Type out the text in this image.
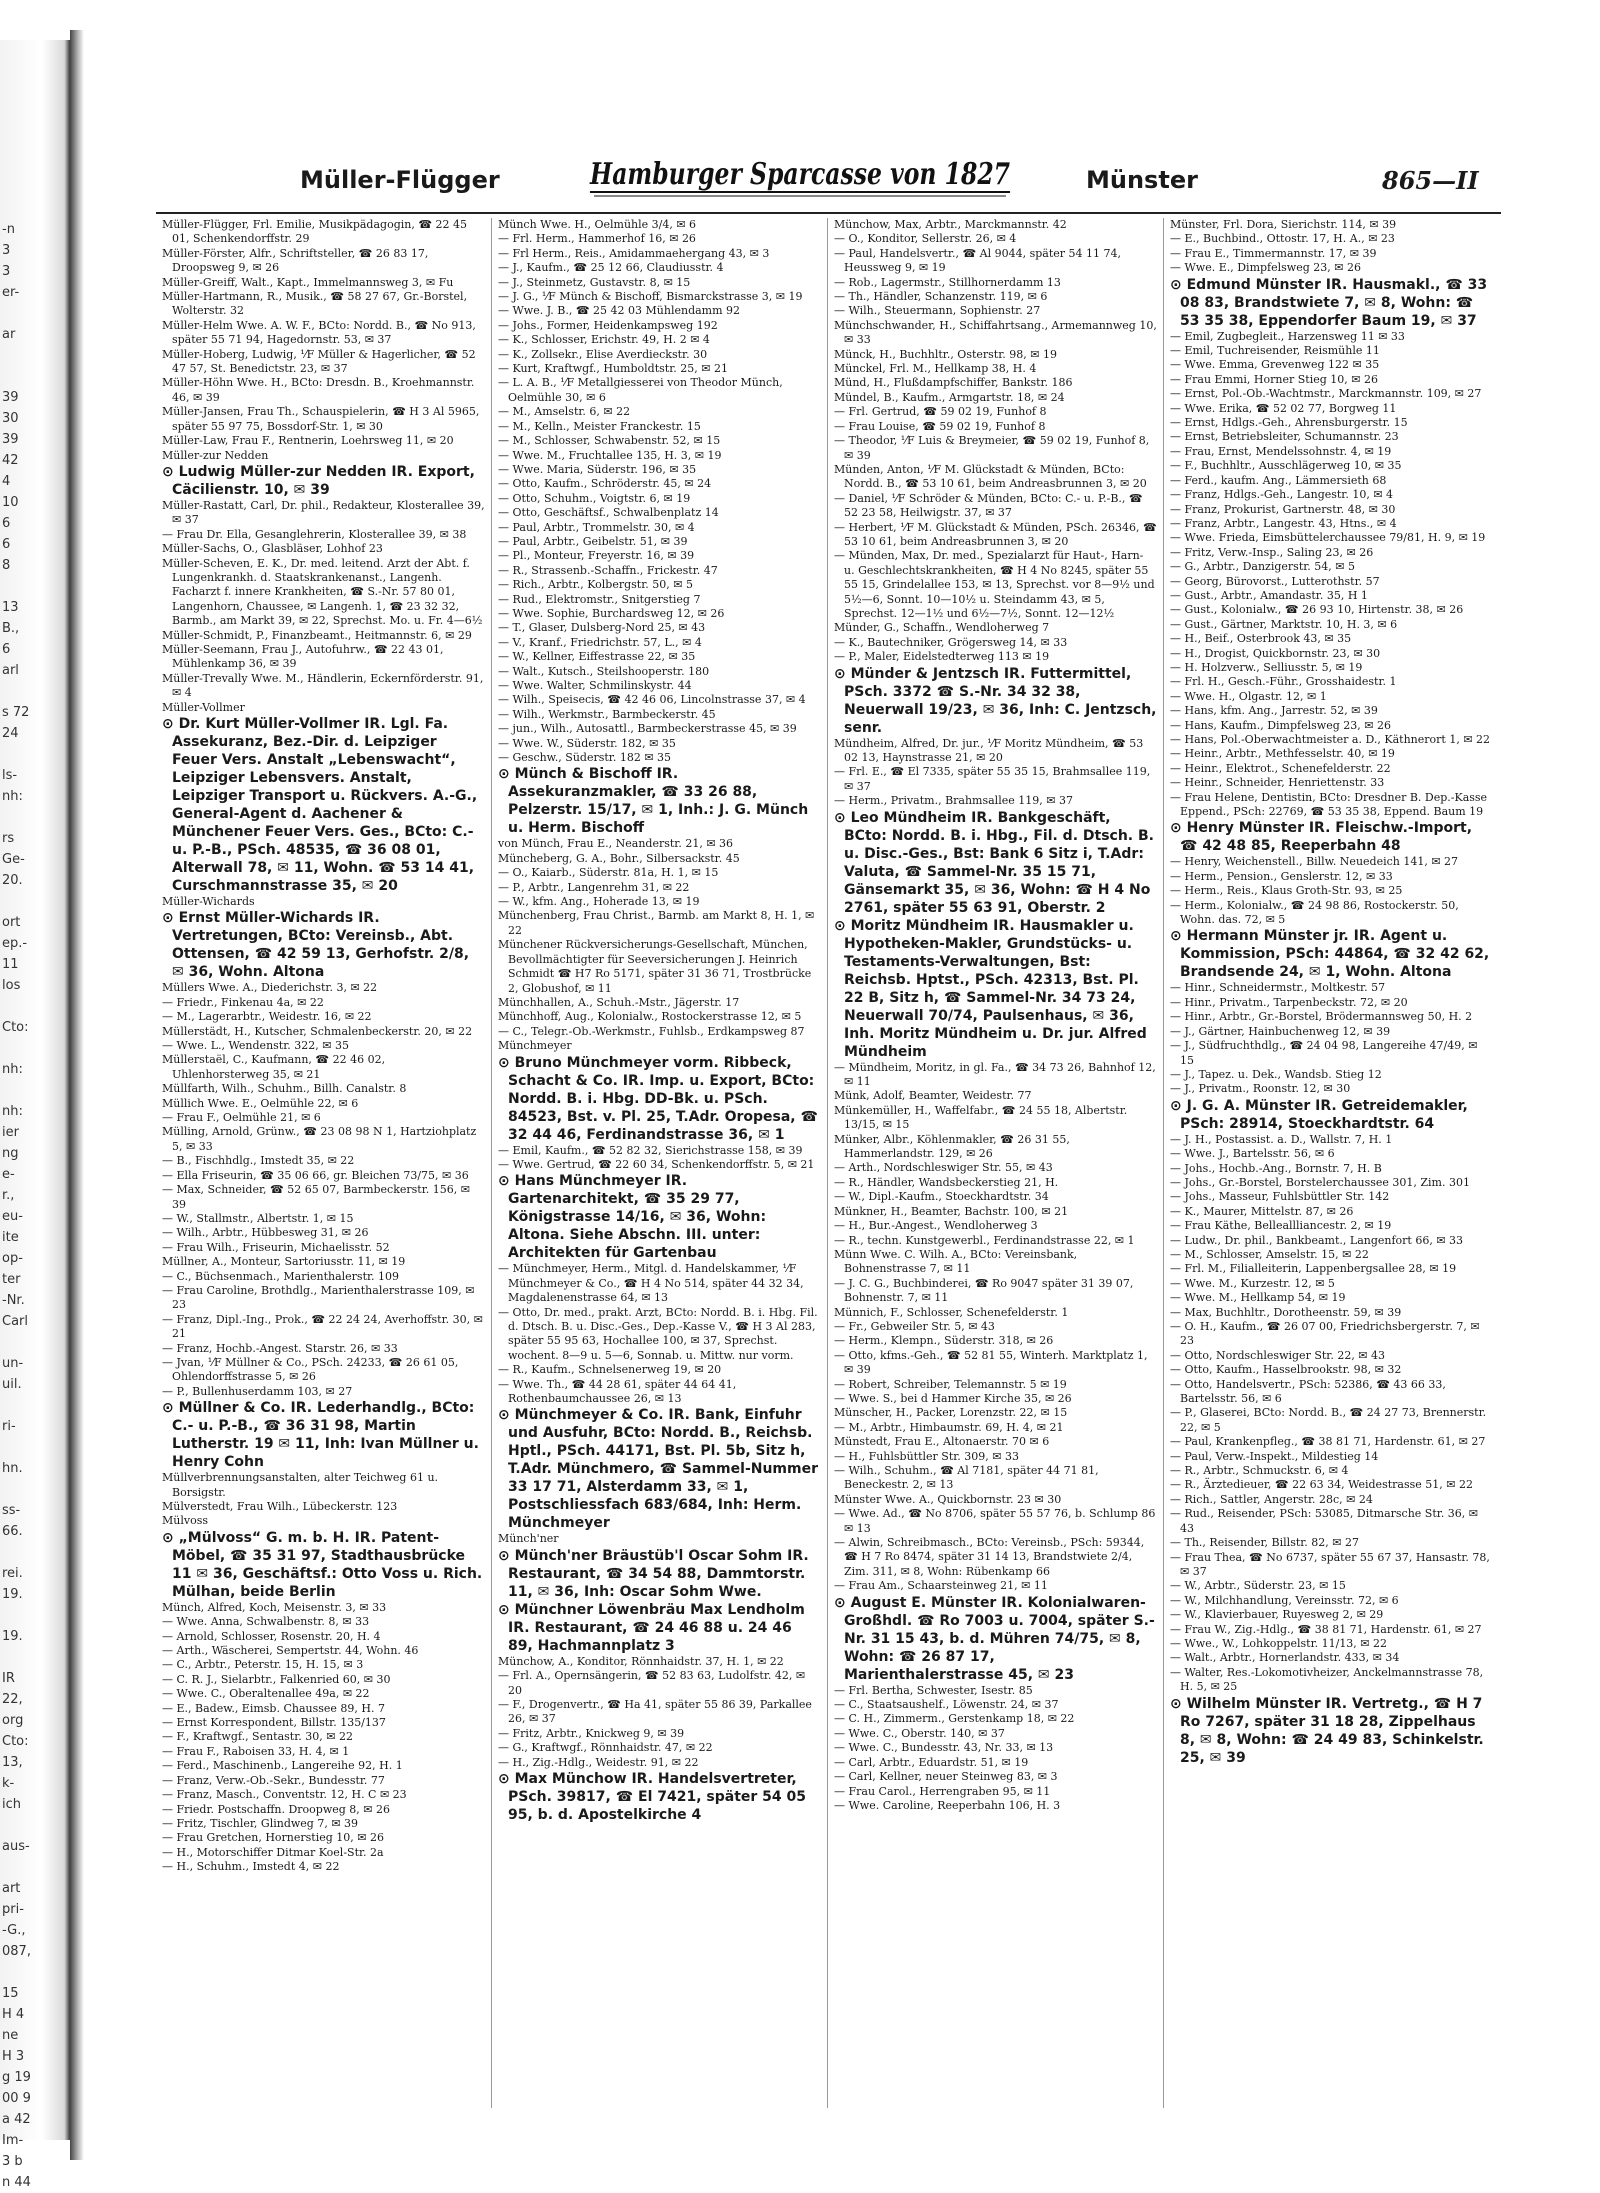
-n
3
3
er-
ar
39
30
39
42
4
10
6
6
8
13
B.,
6
arl
s 72
24
ls-
nh:
rs
Ge-
20.
ort
ep.-
11
los
Cto:
nh:
nh:
ier
ng
e-
r.,
eu-
ite
op-
ter
-Nr.
Carl
un-
uil.
ri-
hn.
ss-
66.
rei.
19.
19.
IR
22,
org
Cto:
13,
k-
ich
aus-
art
pri-
-G.,
087,
15
H 4
ne
H 3
g 19
00 9
a 42
Im-
3 b
n 44
Müller-Flügger	Hamburger Sparcasse von 1827	Münster	865—II

Müller-Flügger, Frl. Emilie, Musikpädagogin, ☎ 22 45 01, Schenkendorffstr. 29

Müller-Förster, Alfr., Schriftsteller, ☎ 26 83 17, Droopsweg 9, ✉ 26

Müller-Greiff, Walt., Kapt., Immelmannsweg 3, ✉ Fu

Müller-Hartmann, R., Musik., ☎ 58 27 67, Gr.-Borstel, Wolterstr. 32

Müller-Helm Wwe. A. W. F., BCto: Nordd. B., ☎ No 913, später 55 71 94, Hagedornstr. 53, ✉ 37

Müller-Hoberg, Ludwig, ⅟F Müller & Hagerlicher, ☎ 52 47 57, St. Benedictstr. 23, ✉ 37

Müller-Höhn Wwe. H., BCto: Dresdn. B., Kroehmannstr. 46, ✉ 39

Müller-Jansen, Frau Th., Schauspielerin, ☎ H 3 Al 5965, später 55 97 75, Bossdorf-Str. 1, ✉ 30

Müller-Law, Frau F., Rentnerin, Loehrsweg 11, ✉ 20

Müller-zur Nedden

⊙ Ludwig Müller-zur Nedden IR. Export, Cäcilienstr. 10, ✉ 39

Müller-Rastatt, Carl, Dr. phil., Redakteur, Klosterallee 39, ✉ 37

— Frau Dr. Ella, Gesanglehrerin, Klosterallee 39, ✉ 38

Müller-Sachs, O., Glasbläser, Lohhof 23

Müller-Scheven, E. K., Dr. med. leitend. Arzt der Abt. f. Lungenkrankh. d. Staatskrankenanst., Langenh. Facharzt f. innere Krankheiten, ☎ S.-Nr. 57 80 01, Langenhorn, Chaussee, ✉ Langenh. 1, ☎ 23 32 32, Barmb., am Markt 39, ✉ 22, Sprechst. Mo. u. Fr. 4—6½

Müller-Schmidt, P., Finanzbeamt., Heitmannstr. 6, ✉ 29

Müller-Seemann, Frau J., Autofuhrw., ☎ 22 43 01, Mühlenkamp 36, ✉ 39

Müller-Trevally Wwe. M., Händlerin, Eckernförderstr. 91, ✉ 4

Müller-Vollmer

⊙ Dr. Kurt Müller-Vollmer IR. Lgl. Fa. Assekuranz, Bez.-Dir. d. Leipziger Feuer Vers. Anstalt „Lebenswacht“, Leipziger Lebensvers. Anstalt, Leipziger Transport u. Rückvers. A.-G., General-Agent d. Aachener & Münchener Feuer Vers. Ges., BCto: C.- u. P.-B., PSch. 48535, ☎ 36 08 01, Alterwall 78, ✉ 11, Wohn. ☎ 53 14 41, Curschmannstrasse 35, ✉ 20

Müller-Wichards

⊙ Ernst Müller-Wichards IR. Vertretungen, BCto: Vereinsb., Abt. Ottensen, ☎ 42 59 13, Gerhofstr. 2/8, ✉ 36, Wohn. Altona

Müllers Wwe. A., Diederichstr. 3, ✉ 22

— Friedr., Finkenau 4a, ✉ 22

— M., Lagerarbtr., Weidestr. 16, ✉ 22

Müllerstädt, H., Kutscher, Schmalenbeckerstr. 20, ✉ 22

— Wwe. L., Wendenstr. 322, ✉ 35

Müllerstaël, C., Kaufmann, ☎ 22 46 02, Uhlenhorsterweg 35, ✉ 21

Müllfarth, Wilh., Schuhm., Billh. Canalstr. 8

Müllich Wwe. E., Oelmühle 22, ✉ 6

— Frau F., Oelmühle 21, ✉ 6

Mülling, Arnold, Grünw., ☎ 23 08 98 N 1, Hartziohplatz 5, ✉ 33

— B., Fischhdlg., Imstedt 35, ✉ 22

— Ella Friseurin, ☎ 35 06 66, gr. Bleichen 73/75, ✉ 36

— Max, Schneider, ☎ 52 65 07, Barmbeckerstr. 156, ✉ 39

— W., Stallmstr., Albertstr. 1, ✉ 15

— Wilh., Arbtr., Hübbesweg 31, ✉ 26

— Frau Wilh., Friseurin, Michaelisstr. 52

Müllner, A., Monteur, Sartoriusstr. 11, ✉ 19

— C., Büchsenmach., Marienthalerstr. 109

— Frau Caroline, Brothdlg., Marienthalerstrasse 109, ✉ 23

— Franz, Dipl.-Ing., Prok., ☎ 22 24 24, Averhoffstr. 30, ✉ 21

— Franz, Hochb.-Angest. Starstr. 26, ✉ 33

— Jvan, ⅟F Müllner & Co., PSch. 24233, ☎ 26 61 05, Ohlendorffstrasse 5, ✉ 26

— P., Bullenhuserdamm 103, ✉ 27

⊙ Müllner & Co. IR. Lederhandlg., BCto: C.- u. P.-B., ☎ 36 31 98, Martin Lutherstr. 19 ✉ 11, Inh: Ivan Müllner u. Henry Cohn

Müllverbrennungsanstalten, alter Teichweg 61 u. Borsigstr.

Mülverstedt, Frau Wilh., Lübeckerstr. 123

Mülvoss

⊙ „Mülvoss“ G. m. b. H. IR. Patent-Möbel, ☎ 35 31 97, Stadthausbrücke 11 ✉ 36, Geschäftsf.: Otto Voss u. Rich. Mülhan, beide Berlin

Münch, Alfred, Koch, Meisenstr. 3, ✉ 33

— Wwe. Anna, Schwalbenstr. 8, ✉ 33

— Arnold, Schlosser, Rosenstr. 20, H. 4

— Arth., Wäscherei, Sempertstr. 44, Wohn. 46

— C., Arbtr., Peterstr. 15, H. 15, ✉ 3

— C. R. J., Sielarbtr., Falkenried 60, ✉ 30

— Wwe. C., Oberaltenallee 49a, ✉ 22

— E., Badew., Eimsb. Chaussee 89, H. 7

— Ernst Korrespondent, Billstr. 135/137

— F., Kraftwgf., Sentastr. 30, ✉ 22

— Frau F., Raboisen 33, H. 4, ✉ 1

— Ferd., Maschinenb., Langereihe 92, H. 1

— Franz, Verw.-Ob.-Sekr., Bundesstr. 77

— Franz, Masch., Conventstr. 12, H. C ✉ 23

— Friedr. Postschaffn. Droopweg 8, ✉ 26

— Fritz, Tischler, Glindweg 7, ✉ 39

— Frau Gretchen, Hornerstieg 10, ✉ 26

— H., Motorschiffer Ditmar Koel-Str. 2a

— H., Schuhm., Imstedt 4, ✉ 22

Münch Wwe. H., Oelmühle 3/4, ✉ 6

— Frl. Herm., Hammerhof 16, ✉ 26

— Frl Herm., Reis., Amidammaehergang 43, ✉ 3

— J., Kaufm., ☎ 25 12 66, Claudiusstr. 4

— J., Steinmetz, Gustavstr. 8, ✉ 15

— J. G., ⅟F Münch & Bischoff, Bismarckstrasse 3, ✉ 19

— Wwe. J. B., ☎ 25 42 03 Mühlendamm 92

— Johs., Former, Heidenkampsweg 192

— K., Schlosser, Erichstr. 49, H. 2 ✉ 4

— K., Zollsekr., Elise Averdieckstr. 30

— Kurt, Kraftwgf., Humboldtstr. 25, ✉ 21

— L. A. B., ⅟F Metallgiesserei von Theodor Münch, Oelmühle 30, ✉ 6

— M., Amselstr. 6, ✉ 22

— M., Kelln., Meister Franckestr. 15

— M., Schlosser, Schwabenstr. 52, ✉ 15

— Wwe. M., Fruchtallee 135, H. 3, ✉ 19

— Wwe. Maria, Süderstr. 196, ✉ 35

— Otto, Kaufm., Schröderstr. 45, ✉ 24

— Otto, Schuhm., Voigtstr. 6, ✉ 19

— Otto, Geschäftsf., Schwalbenplatz 14

— Paul, Arbtr., Trommelstr. 30, ✉ 4

— Paul, Arbtr., Geibelstr. 51, ✉ 39

— Pl., Monteur, Freyerstr. 16, ✉ 39

— R., Strassenb.-Schaffn., Frickestr. 47

— Rich., Arbtr., Kolbergstr. 50, ✉ 5

— Rud., Elektromstr., Snitgerstieg 7

— Wwe. Sophie, Burchardsweg 12, ✉ 26

— T., Glaser, Dulsberg-Nord 25, ✉ 43

— V., Kranf., Friedrichstr. 57, L., ✉ 4

— W., Kellner, Eiffestrasse 22, ✉ 35

— Walt., Kutsch., Steilshooperstr. 180

— Wwe. Walter, Schmilinskystr. 44

— Wilh., Speisecis, ☎ 42 46 06, Lincolnstrasse 37, ✉ 4

— Wilh., Werkmstr., Barmbeckerstr. 45

— jun., Wilh., Autosattl., Barmbeckerstrasse 45, ✉ 39

— Wwe. W., Süderstr. 182, ✉ 35

— Geschw., Süderstr. 182 ✉ 35

⊙ Münch & Bischoff IR. Assekuranzmakler, ☎ 33 26 88, Pelzerstr. 15/17, ✉ 1, Inh.: J. G. Münch u. Herm. Bischoff

von Münch, Frau E., Neanderstr. 21, ✉ 36

Müncheberg, G. A., Bohr., Silbersackstr. 45

— O., Kaiarb., Süderstr. 81a, H. 1, ✉ 15

— P., Arbtr., Langenrehm 31, ✉ 22

— W., kfm. Ang., Hoherade 13, ✉ 19

Münchenberg, Frau Christ., Barmb. am Markt 8, H. 1, ✉ 22

Münchener Rückversicherungs-Gesellschaft, München, Bevollmächtigter für Seeversicherungen J. Heinrich Schmidt ☎ H7 Ro 5171, später 31 36 71, Trostbrücke 2, Globushof, ✉ 11

Münchhallen, A., Schuh.-Mstr., Jägerstr. 17

Münchhoff, Aug., Kolonialw., Rostockerstrasse 12, ✉ 5

— C., Telegr.-Ob.-Werkmstr., Fuhlsb., Erdkampsweg 87

Münchmeyer

⊙ Bruno Münchmeyer vorm. Ribbeck, Schacht & Co. IR. Imp. u. Export, BCto: Nordd. B. i. Hbg. DD-Bk. u. PSch. 84523, Bst. v. Pl. 25, T.Adr. Oropesa, ☎ 32 44 46, Ferdinandstrasse 36, ✉ 1

— Emil, Kaufm., ☎ 52 82 32, Sierichstrasse 158, ✉ 39

— Wwe. Gertrud, ☎ 22 60 34, Schenkendorffstr. 5, ✉ 21

⊙ Hans Münchmeyer IR. Gartenarchitekt, ☎ 35 29 77, Königstrasse 14/16, ✉ 36, Wohn: Altona. Siehe Abschn. III. unter: Architekten für Gartenbau

— Münchmeyer, Herm., Mitgl. d. Handelskammer, ⅟F Münchmeyer & Co., ☎ H 4 No 514, später 44 32 34, Magdalenenstrasse 64, ✉ 13

— Otto, Dr. med., prakt. Arzt, BCto: Nordd. B. i. Hbg. Fil. d. Dtsch. B. u. Disc.-Ges., Dep.-Kasse V., ☎ H 3 Al 283, später 55 95 63, Hochallee 100, ✉ 37, Sprechst. wochent. 8—9 u. 5—6, Sonnab. u. Mittw. nur vorm.

— R., Kaufm., Schnelsenerweg 19, ✉ 20

— Wwe. Th., ☎ 44 28 61, später 44 64 41, Rothenbaumchaussee 26, ✉ 13

⊙ Münchmeyer & Co. IR. Bank, Einfuhr und Ausfuhr, BCto: Nordd. B., Reichsb. Hptl., PSch. 44171, Bst. Pl. 5b, Sitz h, T.Adr. Münchmero, ☎ Sammel-Nummer 33 17 71, Alsterdamm 33, ✉ 1, Postschliessfach 683/684, Inh: Herm. Münchmeyer

Münch'ner

⊙ Münch'ner Bräustüb'l Oscar Sohm IR. Restaurant, ☎ 34 54 88, Dammtorstr. 11, ✉ 36, Inh: Oscar Sohm Wwe.

⊙ Münchner Löwenbräu Max Lendholm IR. Restaurant, ☎ 24 46 88 u. 24 46 89, Hachmannplatz 3

Münchow, A., Konditor, Rönnhaidstr. 37, H. 1, ✉ 22

— Frl. A., Opernsängerin, ☎ 52 83 63, Ludolfstr. 42, ✉ 20

— F., Drogenvertr., ☎ Ha 41, später 55 86 39, Parkallee 26, ✉ 37

— Fritz, Arbtr., Knickweg 9, ✉ 39

— G., Kraftwgf., Rönnhaidstr. 47, ✉ 22

— H., Zig.-Hdlg., Weidestr. 91, ✉ 22

⊙ Max Münchow IR. Handelsvertreter, PSch. 39817, ☎ El 7421, später 54 05 95, b. d. Apostelkirche 4

Münchow, Max, Arbtr., Marckmannstr. 42

— O., Konditor, Sellerstr. 26, ✉ 4

— Paul, Handelsvertr., ☎ Al 9044, später 54 11 74, Heussweg 9, ✉ 19

— Rob., Lagermstr., Stillhornerdamm 13

— Th., Händler, Schanzenstr. 119, ✉ 6

— Wilh., Steuermann, Sophienstr. 27

Münchschwander, H., Schiffahrtsang., Armemannweg 10, ✉ 33

Münck, H., Buchhltr., Osterstr. 98, ✉ 19

Münckel, Frl. M., Hellkamp 38, H. 4

Münd, H., Flußdampfschiffer, Bankstr. 186

Mündel, B., Kaufm., Armgartstr. 18, ✉ 24

— Frl. Gertrud, ☎ 59 02 19, Funhof 8

— Frau Louise, ☎ 59 02 19, Funhof 8

— Theodor, ⅟F Luis & Breymeier, ☎ 59 02 19, Funhof 8, ✉ 39

Münden, Anton, ⅟F M. Glückstadt & Münden, BCto: Nordd. B., ☎ 53 10 61, beim Andreasbrunnen 3, ✉ 20

— Daniel, ⅟F Schröder & Münden, BCto: C.- u. P.-B., ☎ 52 23 58, Heilwigstr. 37, ✉ 37

— Herbert, ⅟F M. Glückstadt & Münden, PSch. 26346, ☎ 53 10 61, beim Andreasbrunnen 3, ✉ 20

— Münden, Max, Dr. med., Spezialarzt für Haut-, Harn- u. Geschlechtskrankheiten, ☎ H 4 No 8245, später 55 55 15, Grindelallee 153, ✉ 13, Sprechst. vor 8—9½ und 5½—6, Sonnt. 10—10½ u. Steindamm 43, ✉ 5, Sprechst. 12—1½ und 6½—7½, Sonnt. 12—12½

Münder, G., Schaffn., Wendloherweg 7

— K., Bautechniker, Grögersweg 14, ✉ 33

— P., Maler, Eidelstedterweg 113 ✉ 19

⊙ Münder & Jentzsch IR. Futtermittel, PSch. 3372 ☎ S.-Nr. 34 32 38, Neuerwall 19/23, ✉ 36, Inh: C. Jentzsch, senr.

Mündheim, Alfred, Dr. jur., ⅟F Moritz Mündheim, ☎ 53 02 13, Haynstrasse 21, ✉ 20

— Frl. E., ☎ El 7335, später 55 35 15, Brahmsallee 119, ✉ 37

— Herm., Privatm., Brahmsallee 119, ✉ 37

⊙ Leo Mündheim IR. Bankgeschäft, BCto: Nordd. B. i. Hbg., Fil. d. Dtsch. B. u. Disc.-Ges., Bst: Bank 6 Sitz i, T.Adr: Valuta, ☎ Sammel-Nr. 35 15 71, Gänsemarkt 35, ✉ 36, Wohn: ☎ H 4 No 2761, später 55 63 91, Oberstr. 2

⊙ Moritz Mündheim IR. Hausmakler u. Hypotheken-Makler, Grundstücks- u. Testaments-Verwaltungen, Bst: Reichsb. Hptst., PSch. 42313, Bst. Pl. 22 B, Sitz h, ☎ Sammel-Nr. 34 73 24, Neuerwall 70/74, Paulsenhaus, ✉ 36, Inh. Moritz Mündheim u. Dr. jur. Alfred Mündheim

— Mündheim, Moritz, in gl. Fa., ☎ 34 73 26, Bahnhof 12, ✉ 11

Münk, Adolf, Beamter, Weidestr. 77

Münkemüller, H., Waffelfabr., ☎ 24 55 18, Albertstr. 13/15, ✉ 15

Münker, Albr., Köhlenmakler, ☎ 26 31 55, Hammerlandstr. 129, ✉ 26

— Arth., Nordschleswiger Str. 55, ✉ 43

— R., Händler, Wandsbeckerstieg 21, H.

— W., Dipl.-Kaufm., Stoeckhardtstr. 34

Münkner, H., Beamter, Bachstr. 100, ✉ 21

— H., Bur.-Angest., Wendloherweg 3

— R., techn. Kunstgewerbl., Ferdinandstrasse 22, ✉ 1

Münn Wwe. C. Wilh. A., BCto: Vereinsbank, Bohnenstrasse 7, ✉ 11

— J. C. G., Buchbinderei, ☎ Ro 9047 später 31 39 07, Bohnenstr. 7, ✉ 11

Münnich, F., Schlosser, Schenefelderstr. 1

— Fr., Gebweiler Str. 5, ✉ 43

— Herm., Klempn., Süderstr. 318, ✉ 26

— Otto, kfms.-Geh., ☎ 52 81 55, Winterh. Marktplatz 1, ✉ 39

— Robert, Schreiber, Telemannstr. 5 ✉ 19

— Wwe. S., bei d Hammer Kirche 35, ✉ 26

Münscher, H., Packer, Lorenzstr. 22, ✉ 15

— M., Arbtr., Himbaumstr. 69, H. 4, ✉ 21

Münstedt, Frau E., Altonaerstr. 70 ✉ 6

— H., Fuhlsbüttler Str. 309, ✉ 33

— Wilh., Schuhm., ☎ Al 7181, später 44 71 81, Beneckestr. 2, ✉ 13

Münster Wwe. A., Quickbornstr. 23 ✉ 30

— Wwe. Ad., ☎ No 8706, später 55 57 76, b. Schlump 86 ✉ 13

— Alwin, Schreibmasch., BCto: Vereinsb., PSch: 59344, ☎ H 7 Ro 8474, später 31 14 13, Brandstwiete 2/4, Zim. 311, ✉ 8, Wohn: Rübenkamp 66

— Frau Am., Schaarsteinweg 21, ✉ 11

⊙ August E. Münster IR. Kolonialwaren-Großhdl. ☎ Ro 7003 u. 7004, später S.-Nr. 31 15 43, b. d. Mühren 74/75, ✉ 8, Wohn: ☎ 26 87 17, Marienthalerstrasse 45, ✉ 23

— Frl. Bertha, Schwester, Isestr. 85

— C., Staatsaushelf., Löwenstr. 24, ✉ 37

— C. H., Zimmerm., Gerstenkamp 18, ✉ 22

— Wwe. C., Oberstr. 140, ✉ 37

— Wwe. C., Bundesstr. 43, Nr. 33, ✉ 13

— Carl, Arbtr., Eduardstr. 51, ✉ 19

— Carl, Kellner, neuer Steinweg 83, ✉ 3

— Frau Carol., Herrengraben 95, ✉ 11

— Wwe. Caroline, Reeperbahn 106, H. 3

Münster, Frl. Dora, Sierichstr. 114, ✉ 39

— E., Buchbind., Ottostr. 17, H. A., ✉ 23

— Frau E., Timmermannstr. 17, ✉ 39

— Wwe. E., Dimpfelsweg 23, ✉ 26

⊙ Edmund Münster IR. Hausmakl., ☎ 33 08 83, Brandstwiete 7, ✉ 8, Wohn: ☎ 53 35 38, Eppendorfer Baum 19, ✉ 37

— Emil, Zugbegleit., Harzensweg 11 ✉ 33

— Emil, Tuchreisender, Reismühle 11

— Wwe. Emma, Grevenweg 122 ✉ 35

— Frau Emmi, Horner Stieg 10, ✉ 26

— Ernst, Pol.-Ob.-Wachtmstr., Marckmannstr. 109, ✉ 27

— Wwe. Erika, ☎ 52 02 77, Borgweg 11

— Ernst, Hdlgs.-Geh., Ahrensburgerstr. 15

— Ernst, Betriebsleiter, Schumannstr. 23

— Frau, Ernst, Mendelssohnstr. 4, ✉ 19

— F., Buchhltr., Ausschlägerweg 10, ✉ 35

— Ferd., kaufm. Ang., Lämmersieth 68

— Franz, Hdlgs.-Geh., Langestr. 10, ✉ 4

— Franz, Prokurist, Gartnerstr. 48, ✉ 30

— Franz, Arbtr., Langestr. 43, Htns., ✉ 4

— Wwe. Frieda, Eimsbüttelerchaussee 79/81, H. 9, ✉ 19

— Fritz, Verw.-Insp., Saling 23, ✉ 26

— G., Arbtr., Danzigerstr. 54, ✉ 5

— Georg, Bürovorst., Lutterothstr. 57

— Gust., Arbtr., Amandastr. 35, H 1

— Gust., Kolonialw., ☎ 26 93 10, Hirtenstr. 38, ✉ 26

— Gust., Gärtner, Marktstr. 10, H. 3, ✉ 6

— H., Beif., Osterbrook 43, ✉ 35

— H., Drogist, Quickbornstr. 23, ✉ 30

— H. Holzverw., Selliusstr. 5, ✉ 19

— Frl. H., Gesch.-Führ., Grosshaidestr. 1

— Wwe. H., Olgastr. 12, ✉ 1

— Hans, kfm. Ang., Jarrestr. 52, ✉ 39

— Hans, Kaufm., Dimpfelsweg 23, ✉ 26

— Hans, Pol.-Oberwachtmeister a. D., Käthnerort 1, ✉ 22

— Heinr., Arbtr., Methfesselstr. 40, ✉ 19

— Heinr., Elektrot., Schenefelderstr. 22

— Heinr., Schneider, Henriettenstr. 33

— Frau Helene, Dentistin, BCto: Dresdner B. Dep.-Kasse Eppend., PSch: 22769, ☎ 53 35 38, Eppend. Baum 19

⊙ Henry Münster IR. Fleischw.-Import, ☎ 42 48 85, Reeperbahn 48

— Henry, Weichenstell., Billw. Neuedeich 141, ✉ 27

— Herm., Pension., Genslerstr. 12, ✉ 33

— Herm., Reis., Klaus Groth-Str. 93, ✉ 25

— Herm., Kolonialw., ☎ 24 98 86, Rostockerstr. 50, Wohn. das. 72, ✉ 5

⊙ Hermann Münster jr. IR. Agent u. Kommission, PSch: 44864, ☎ 32 42 62, Brandsende 24, ✉ 1, Wohn. Altona

— Hinr., Schneidermstr., Moltkestr. 57

— Hinr., Privatm., Tarpenbeckstr. 72, ✉ 20

— Hinr., Arbtr., Gr.-Borstel, Brödermannsweg 50, H. 2

— J., Gärtner, Hainbuchenweg 12, ✉ 39

— J., Südfruchthdlg., ☎ 24 04 98, Langereihe 47/49, ✉ 15

— J., Tapez. u. Dek., Wandsb. Stieg 12

— J., Privatm., Roonstr. 12, ✉ 30

⊙ J. G. A. Münster IR. Getreidemakler, PSch: 28914, Stoeckhardtstr. 64

— J. H., Postassist. a. D., Wallstr. 7, H. 1

— Wwe. J., Bartelsstr. 56, ✉ 6

— Johs., Hochb.-Ang., Bornstr. 7, H. B

— Johs., Gr.-Borstel, Borstelerchaussee 301, Zim. 301

— Johs., Masseur, Fuhlsbüttler Str. 142

— K., Maurer, Mittelstr. 87, ✉ 26

— Frau Käthe, Belleallliancestr. 2, ✉ 19

— Ludw., Dr. phil., Bankbeamt., Langenfort 66, ✉ 33

— M., Schlosser, Amselstr. 15, ✉ 22

— Frl. M., Filialleiterin, Lappenbergsallee 28, ✉ 19

— Wwe. M., Kurzestr. 12, ✉ 5

— Wwe. M., Hellkamp 54, ✉ 19

— Max, Buchhltr., Dorotheenstr. 59, ✉ 39

— O. H., Kaufm., ☎ 26 07 00, Friedrichsbergerstr. 7, ✉ 23

— Otto, Nordschleswiger Str. 22, ✉ 43

— Otto, Kaufm., Hasselbrookstr. 98, ✉ 32

— Otto, Handelsvertr., PSch: 52386, ☎ 43 66 33, Bartelsstr. 56, ✉ 6

— P., Glaserei, BCto: Nordd. B., ☎ 24 27 73, Brennerstr. 22, ✉ 5

— Paul, Krankenpfleg., ☎ 38 81 71, Hardenstr. 61, ✉ 27

— Paul, Verw.-Inspekt., Mildestieg 14

— R., Arbtr., Schmuckstr. 6, ✉ 4

— R., Ärztedieuer, ☎ 22 63 34, Weidestrasse 51, ✉ 22

— Rich., Sattler, Angerstr. 28c, ✉ 24

— Rud., Reisender, PSch: 53085, Ditmarsche Str. 36, ✉ 43

— Th., Reisender, Billstr. 82, ✉ 27

— Frau Thea, ☎ No 6737, später 55 67 37, Hansastr. 78, ✉ 37

— W., Arbtr., Süderstr. 23, ✉ 15

— W., Milchhandlung, Vereinsstr. 72, ✉ 6

— W., Klavierbauer, Ruyesweg 2, ✉ 29

— Frau W., Zig.-Hdlg., ☎ 38 81 71, Hardenstr. 61, ✉ 27

— Wwe., W., Lohkoppelstr. 11/13, ✉ 22

— Walt., Arbtr., Hornerlandstr. 433, ✉ 34

— Walter, Res.-Lokomotivheizer, Anckelmannstrasse 78, H. 5, ✉ 25

⊙ Wilhelm Münster IR. Vertretg., ☎ H 7 Ro 7267, später 31 18 28, Zippelhaus 8, ✉ 8, Wohn: ☎ 24 49 83, Schinkelstr. 25, ✉ 39
